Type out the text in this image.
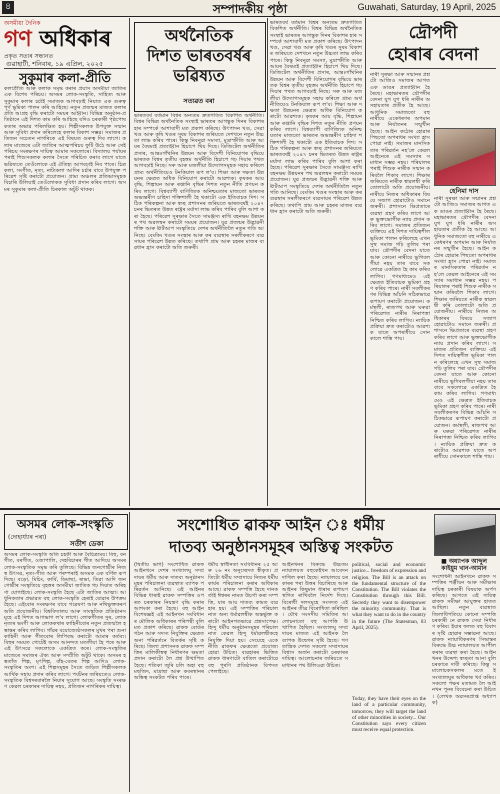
৪	সম্পাদকীয় পৃষ্ঠা	Guwahati, Saturday, 19 April, 2025
অসমীয়া দৈনিক
গণ অধিকাৰ
প্ৰকৃত সত্যৰ সন্ধানত
গুৱাহাটী, শনিবাৰ, ১৯ এপ্ৰিল, ২০২৫
সুকুমাৰ কলা-প্ৰীতি
কলাপ্ৰীতি আৰু কলাক সমৃদ্ধ কৰাৰ প্ৰয়াস অসমীয়া জাতিৰ এক বিশেষ পৰিচয়। অসমৰ লোক-সংস্কৃতি, সাহিত্য আৰু সুকুমাৰ কলাৰ চৰ্চাই সমাজক আগবঢ়াই নিয়াত এক গুৰুত্বপূৰ্ণ ভূমিকা পালন কৰি আহিছে। নতুন প্ৰজন্মৰ মাজত কলাৰ প্ৰতি আগ্ৰহ বৃদ্ধি কৰাটো সময়ৰ আহ্বান। বিভিন্ন অনুষ্ঠান-প্ৰতিষ্ঠানে এই দিশত কাম কৰি আহিছে যদিও চৰকাৰী পৃষ্ঠপোষকতাৰ অভাৱ পৰিলক্ষিত হয়। শিল্পীসকলক উপযুক্ত সন্মান আৰু সুবিধা প্ৰদান কৰিলেহে কলাৰ বিকাশ সম্ভৱ। সমাজৰ প্ৰতিজন সচেতন নাগৰিকে এই বিষয়ত গুৰুত্ব দিব লাগে। কলাৰ মাজেৰে এটা জাতিৰ আত্মপৰিচয় ফুটি উঠে আৰু সেই পৰিচয় সংৰক্ষণৰ দায়িত্ব আমাৰ সকলোৰে। বিদ্যালয় পৰ্যায়ৰ পৰাই শিশুসকলক কলাৰ সৈতে পৰিচিত কৰাব লাগে যাতে ভৱিষ্যতে তেওঁলোকে এই ঐতিহ্য আগবঢ়াই নিব পাৰে। চিত্ৰকলা, সংগীত, নৃত্য, নাট্যকলা আদিৰ চৰ্চাৰ বাবে উপযুক্ত পৰিৱেশ সৃষ্টি কৰাটো প্ৰয়োজন। গ্ৰাম্য অঞ্চলৰ প্ৰতিভাসমূহক বিচাৰি উলিয়াই তেওঁলোকক সুবিধা প্ৰদান কৰিব লাগে। অসমৰ সুকুমাৰ কলা-প্ৰীতি চিৰকাল অটুট থাকক।
অৰ্থনৈতিক
দিশত ভাৰতবৰ্ষৰ
ভৱিষ্যত
সত্যৱত বৰা
ভাৰতবৰ্ষ বৰ্তমান বিশ্বৰ অন্যতম দ্ৰুতগতিত বিকশিত অৰ্থনীতি। বিশ্বৰ বিভিন্ন অৰ্থনৈতিক সংস্থাই ভাৰতৰ আগন্তুক দিনৰ বিকাশৰ হাৰ সম্পৰ্কে আশাবাদী মত প্ৰকাশ কৰিছে। উৎপাদন খণ্ড, সেৱা খণ্ড আৰু কৃষি খণ্ডৰ সুষম বিকাশৰ জৰিয়তে দেশখনে নতুন উচ্চতা লাভ কৰিব পাৰে। কিন্তু নিবনুৱা সমস্যা, মুদ্ৰাস্ফীতি আৰু আয়ৰ বৈষম্যই প্ৰত্যাহ্বান হিচাপে থিয় দিছে। ডিজিটেল অৰ্থনীতিৰ প্ৰসাৰ, আন্তঃগাঁথনিৰ উন্নয়ন আৰু বিদেশী বিনিয়োগৰ বৃদ্ধিয়ে ভাৰতক বিশ্বৰ তৃতীয় বৃহত্তম অৰ্থনীতি হিচাপে গঢ় দিয়াৰ পথত আগবঢ়াই নিছে। সৰু আৰু মজলীয়া উদ্যোগসমূহক সহায় কৰিলে গ্ৰাম্য অৰ্থনীতিয়েও টনকিয়াল ৰূপ ল'ব। শিক্ষা আৰু দক্ষতা উন্নয়নৰ ক্ষেত্ৰত অধিক বিনিয়োগ কৰাটো আৱশ্যক। কৃষকৰ আয় বৃদ্ধি, শিল্পায়ন আৰু ৰপ্তানি বৃদ্ধিৰ দিশত নতুন নীতি প্ৰণয়ন কৰিব লাগে। বিশ্বব্যাপী বাণিজ্যিক অনিশ্চয়তাৰ মাজতো ভাৰতৰ অভ্যন্তৰীণ চাহিদা শক্তিশালী হৈ থকাটো এক ইতিবাচক দিশ। সঠিক পৰিকল্পনা আৰু স্বচ্ছ প্ৰশাসনৰ জৰিয়তে ভাৰতবৰ্ষই ২০৪৭ চনৰ ভিতৰত উন্নত ৰাষ্ট্ৰৰ মৰ্যাদা লাভ কৰিব পাৰিব বুলি আশা কৰা হৈছে। পৰিৱেশ সুৰক্ষাৰ সৈতে সামঞ্জস্য ৰাখি বহনক্ষম উন্নয়নৰ পথ অৱলম্বন কৰাটো সময়ৰ প্ৰয়োজন। যুৱ প্ৰজন্মৰ উদ্ভাৱনী শক্তি আৰু ষ্টাৰ্টআপ সংস্কৃতিয়ে দেশৰ অৰ্থনীতিলৈ নতুন গতি আনিছে। বেংকিং খণ্ডৰ সংস্কাৰ আৰু কৰ ব্যৱস্থাৰ সৰলীকৰণে ব্যৱসায়ৰ পৰিৱেশ উন্নত কৰিছে। তথাপি গ্ৰাম আৰু চহৰৰ মাজৰ ব্যৱধান হ্ৰাস কৰাটো অতি জৰুৰী।
ভাৰতবৰ্ষ বৰ্তমান বিশ্বৰ অন্যতম দ্ৰুতগতিত বিকশিত অৰ্থনীতি। বিশ্বৰ বিভিন্ন অৰ্থনৈতিক সংস্থাই ভাৰতৰ আগন্তুক দিনৰ বিকাশৰ হাৰ সম্পৰ্কে আশাবাদী মত প্ৰকাশ কৰিছে। উৎপাদন খণ্ড, সেৱা খণ্ড আৰু কৃষি খণ্ডৰ সুষম বিকাশৰ জৰিয়তে দেশখনে নতুন উচ্চতা লাভ কৰিব পাৰে। কিন্তু নিবনুৱা সমস্যা, মুদ্ৰাস্ফীতি আৰু আয়ৰ বৈষম্যই প্ৰত্যাহ্বান হিচাপে থিয় দিছে। ডিজিটেল অৰ্থনীতিৰ প্ৰসাৰ, আন্তঃগাঁথনিৰ উন্নয়ন আৰু বিদেশী বিনিয়োগৰ বৃদ্ধিয়ে ভাৰতক বিশ্বৰ তৃতীয় বৃহত্তম অৰ্থনীতি হিচাপে গঢ় দিয়াৰ পথত আগবঢ়াই নিছে। সৰু আৰু মজলীয়া উদ্যোগসমূহক সহায় কৰিলে গ্ৰাম্য অৰ্থনীতিয়েও টনকিয়াল ৰূপ ল'ব। শিক্ষা আৰু দক্ষতা উন্নয়নৰ ক্ষেত্ৰত অধিক বিনিয়োগ কৰাটো আৱশ্যক। কৃষকৰ আয় বৃদ্ধি, শিল্পায়ন আৰু ৰপ্তানি বৃদ্ধিৰ দিশত নতুন নীতি প্ৰণয়ন কৰিব লাগে। বিশ্বব্যাপী বাণিজ্যিক অনিশ্চয়তাৰ মাজতো ভাৰতৰ অভ্যন্তৰীণ চাহিদা শক্তিশালী হৈ থকাটো এক ইতিবাচক দিশ। সঠিক পৰিকল্পনা আৰু স্বচ্ছ প্ৰশাসনৰ জৰিয়তে ভাৰতবৰ্ষই ২০৪৭ চনৰ ভিতৰত উন্নত ৰাষ্ট্ৰৰ মৰ্যাদা লাভ কৰিব পাৰিব বুলি আশা কৰা হৈছে। পৰিৱেশ সুৰক্ষাৰ সৈতে সামঞ্জস্য ৰাখি বহনক্ষম উন্নয়নৰ পথ অৱলম্বন কৰাটো সময়ৰ প্ৰয়োজন। যুৱ প্ৰজন্মৰ উদ্ভাৱনী শক্তি আৰু ষ্টাৰ্টআপ সংস্কৃতিয়ে দেশৰ অৰ্থনীতিলৈ নতুন গতি আনিছে। বেংকিং খণ্ডৰ সংস্কাৰ আৰু কৰ ব্যৱস্থাৰ সৰলীকৰণে ব্যৱসায়ৰ পৰিৱেশ উন্নত কৰিছে। তথাপি গ্ৰাম আৰু চহৰৰ মাজৰ ব্যৱধান হ্ৰাস কৰাটো অতি জৰুৰী।
দ্ৰৌপদী
হোৰাৰ বেদনা
নাৰী সুৰক্ষা আৰু সন্মানৰ প্ৰশ্নটো আজিও সমাজৰ আগত এক ডাঙৰ প্ৰত্যাহ্বান হৈ ৰৈছে। মহাভাৰতৰ দ্ৰৌপদীৰ বেদনা যুগ যুগ ধৰি নাৰীৰ অসহায়তাৰ প্ৰতীক হৈ আছে। আধুনিক সমাজতো বহু নাৰীয়ে একেধৰণৰ অপমান আৰু নিৰ্যাতনৰ সন্মুখীন হৈছে। আইন কঠোৰ হোৱাৰ পিছতো অপৰাধৰ সংখ্যা হ্ৰাস পোৱা নাই। সমাজৰ মানসিকতাৰ পৰিৱৰ্তন নহ'লে কেৱল আইনেৰে এই সমস্যাৰ সমাধান সম্ভৱ নহয়। পৰিয়ালৰ পৰাই শিশুক নাৰীক সন্মান কৰিবলৈ শিকাব লাগে। শিক্ষাৰ জৰিয়তে নাৰীক স্বাৱলম্বী কৰি তোলাটো অতি প্ৰয়োজনীয়। নাৰীয়ে নিজৰ অধিকাৰৰ বিষয়ে সজাগ হোৱাটোও সমানে জৰুৰী। প্ৰশাসনে ক্ষিপ্ৰতাৰে ব্যৱস্থা গ্ৰহণ কৰিব লাগে আৰু ভুক্তভোগীক ন্যায় প্ৰদান কৰিব লাগে। সমাজৰ প্ৰতিজন ব্যক্তিয়ে এই দিশত দায়িত্বশীল ভূমিকা পালন কৰিলেহে এখন সুস্থ সমাজ গঢ়ি তুলিব পৰা যাব। দ্ৰৌপদীৰ বেদনা যাতে আৰু কোনো নাৰীয়ে ভুগিবলগীয়া নহয় তাৰ বাবে সকলোৱে একত্ৰিত হৈ কাম কৰিব লাগিব। গণমাধ্যমেও এই ক্ষেত্ৰত ইতিবাচক ভূমিকা গ্ৰহণ কৰিব পাৰে। নাৰী সবলীকৰণৰ বিভিন্ন আঁচনি সঠিকভাৱে ৰূপায়ণ কৰাটো প্ৰয়োজন। কৰ্মস্থলী, ৰাজপথ আৰু ঘৰুৱা পৰিৱেশত নাৰীৰ নিৰাপত্তা নিশ্চিত কৰিব লাগিব। ন্যায়িক প্ৰক্ৰিয়া দ্ৰুত কৰাটোও আৱশ্যক যাতে অপৰাধীয়ে সোনকালে শাস্তি পায়।
হেনিমা দাস
নাৰী সুৰক্ষা আৰু সন্মানৰ প্ৰশ্নটো আজিও সমাজৰ আগত এক ডাঙৰ প্ৰত্যাহ্বান হৈ ৰৈছে। মহাভাৰতৰ দ্ৰৌপদীৰ বেদনা যুগ যুগ ধৰি নাৰীৰ অসহায়তাৰ প্ৰতীক হৈ আছে। আধুনিক সমাজতো বহু নাৰীয়ে একেধৰণৰ অপমান আৰু নিৰ্যাতনৰ সন্মুখীন হৈছে। আইন কঠোৰ হোৱাৰ পিছতো অপৰাধৰ সংখ্যা হ্ৰাস পোৱা নাই। সমাজৰ মানসিকতাৰ পৰিৱৰ্তন নহ'লে কেৱল আইনেৰে এই সমস্যাৰ সমাধান সম্ভৱ নহয়। পৰিয়ালৰ পৰাই শিশুক নাৰীক সন্মান কৰিবলৈ শিকাব লাগে। শিক্ষাৰ জৰিয়তে নাৰীক স্বাৱলম্বী কৰি তোলাটো অতি প্ৰয়োজনীয়। নাৰীয়ে নিজৰ অধিকাৰৰ বিষয়ে সজাগ হোৱাটোও সমানে জৰুৰী। প্ৰশাসনে ক্ষিপ্ৰতাৰে ব্যৱস্থা গ্ৰহণ কৰিব লাগে আৰু ভুক্তভোগীক ন্যায় প্ৰদান কৰিব লাগে। সমাজৰ প্ৰতিজন ব্যক্তিয়ে এই দিশত দায়িত্বশীল ভূমিকা পালন কৰিলেহে এখন সুস্থ সমাজ গঢ়ি তুলিব পৰা যাব। দ্ৰৌপদীৰ বেদনা যাতে আৰু কোনো নাৰীয়ে ভুগিবলগীয়া নহয় তাৰ বাবে সকলোৱে একত্ৰিত হৈ কাম কৰিব লাগিব। গণমাধ্যমেও এই ক্ষেত্ৰত ইতিবাচক ভূমিকা গ্ৰহণ কৰিব পাৰে। নাৰী সবলীকৰণৰ বিভিন্ন আঁচনি সঠিকভাৱে ৰূপায়ণ কৰাটো প্ৰয়োজন। কৰ্মস্থলী, ৰাজপথ আৰু ঘৰুৱা পৰিৱেশত নাৰীৰ নিৰাপত্তা নিশ্চিত কৰিব লাগিব। ন্যায়িক প্ৰক্ৰিয়া দ্ৰুত কৰাটোও আৱশ্যক যাতে অপৰাধীয়ে সোনকালে শাস্তি পায়।
অসমৰ লোক-সংস্কৃতি
(দোহাৰ্য্যাৰ পৰা)
সতীশ ডেকা
অসমৰ লোক-সংস্কৃতি অতি চহকী আৰু বৈচিত্ৰ্যময়। বিহু, বনগীত, বৰগীত, ওজাপালি, দেহবিচাৰৰ গীত আদিয়ে অসমৰ লোক-সংস্কৃতিক সমৃদ্ধ কৰি তুলিছে। বিভিন্ন জনগোষ্ঠীৰ নিজস্ব উৎসৱ, নৃত্য-গীত আৰু পৰম্পৰাই অসমক এক বৰ্ণিল ৰূপ দিছে। বড়ো, মিচিং, কাৰ্বি, ডিমাছা, ৰাভা, তিৱা আদি জনগোষ্ঠীৰ সংস্কৃতিয়ে বৃহত্তৰ অসমীয়া জাতিক গঢ় দিয়াত অৰিহণা যোগাইছে। লোক-সংস্কৃতি হৈছে এটা জাতিৰ আত্মা। আধুনিকতাৰ প্ৰভাৱত বহু লোক-সংস্কৃতি হেৰাই যোৱাৰ উপক্ৰম হৈছে। এইবোৰ সংৰক্ষণৰ বাবে গৱেষণা আৰু নথিভুক্তকৰণ অতি প্ৰয়োজনীয়। বিশ্ববিদ্যালয় আৰু সাংস্কৃতিক প্ৰতিষ্ঠানসমূহে এই দিশত আগভাগ ল'ব লাগে। লোকগীতৰ সুৰ, লোকনৃত্যৰ ভংগী আৰু লোককথাৰ কাহিনীবোৰ নতুন প্ৰজন্মলৈ হস্তান্তৰ কৰিব লাগিব। গাঁৱৰ বয়োজ্যেষ্ঠসকলৰ মুখৰ পৰা শুনা কাহিনী আৰু গীতবোৰ লিপিবদ্ধ কৰাটো আমাৰ কৰ্তব্য। বিহুৰ সময়ত গোটেই অসম আনন্দত মতলীয়া হৈ পৰে আৰু এই উৎসৱে সকলোকে একত্ৰিত কৰে। লোক-সংস্কৃতিৰ মাজেৰে সমাজৰ ঐক্য আৰু সম্প্ৰীতি অটুট থাকে। অসমৰ হস্ততাঁত শিল্প, মৃৎশিল্প, বাঁহ-বেতৰ শিল্প আদিও লোক-সংস্কৃতিৰ অংশ। এই শিল্পসমূহৰ সৈতে জড়িত শিল্পীসকলক আৰ্থিক সহায় প্ৰদান কৰিব লাগে। পৰ্যটনৰ জৰিয়তেও লোক-সংস্কৃতিক বিশ্বদৰবাৰলৈ নিয়াৰ সুযোগ আছে। সংস্কৃতি সংৰক্ষণ কেৱল চৰকাৰৰ দায়িত্ব নহয়, প্ৰতিজন নাগৰিকৰ দায়িত্ব।
সংশোধিত ৱাকফ আইন ঃ ধৰ্মীয়
দাতব্য অনুষ্ঠানসমূহৰ অস্তিত্ব সংকটত
■ অধ্যাপক আব্দুল
কাইয়ুম খান-আমান
(দ্বিতীয় ভাগ) সংশোধিত ৱাকফ আইনখনে দেশৰ সংখ্যালঘু সম্প্ৰদায়ৰ ধৰ্মীয় আৰু দাতব্য অনুষ্ঠানসমূহৰ পৰিচালনা ব্যৱস্থাত ব্যাপক পৰিৱৰ্তন আনিছে। এই আইনৰ বিভিন্ন ধাৰাই ৱাকফ সম্পত্তিৰ ওপৰত চৰকাৰৰ নিয়ন্ত্ৰণ বৃদ্ধি কৰাৰ আশংকা কৰা হৈছে। বহু আইন বিশেষজ্ঞই এই আইনখন সংবিধানৰ মৌলিক অধিকাৰৰ পৰিপন্থী বুলি মত প্ৰকাশ কৰিছে। ৱাকফ বোৰ্ডৰ গঠন আৰু সদস্য নিযুক্তিৰ ক্ষেত্ৰত অনা পৰিৱৰ্তনে বিতৰ্কৰ সৃষ্টি কৰিছে। জিলা প্ৰশাসনক ৱাকফ সম্পত্তিৰ মালিকীস্বত্ব নিৰ্ধাৰণৰ ক্ষমতা প্ৰদান কৰাটো লৈ প্ৰশ্ন উত্থাপিত হৈছে। শতিকা জুৰি চলি অহা বহু মছজিদ, মাদ্ৰাছা আৰু কবৰস্থানৰ অস্তিত্ব সংকটত পৰিব পাৰে।
ধৰ্মীয় স্বাধীনতা সংবিধানৰ ২৫ আৰু ২৬ নং অনুচ্ছেদত স্বীকৃত। প্ৰতিটো ধৰ্মীয় সম্প্ৰদায়ে নিজৰ ধৰ্মীয় কাৰ্যৰ পৰিচালনা কৰাৰ অধিকাৰ আছে। ৱাকফ সম্পত্তি হৈছে দানকৰ্তাই ঈশ্বৰৰ নামত উচৰ্গা কৰা সম্পত্তি, যাৰ আয় দাতব্য কামত ব্যৱহাৰ হয়। এই সম্পত্তিৰ পৰিচালনাত অন্য ধৰ্মাৱলম্বীক অন্তৰ্ভুক্ত কৰাটো আইনগতভাৱে প্ৰশ্নসাপেক্ষ। হিন্দু ধৰ্মীয় অনুষ্ঠানসমূহৰ পৰিচালনাত কেৱল হিন্দু ধৰ্মাৱলম্বীকহে নিযুক্তি দিয়া হয়। সেয়েহে একে নীতি ৱাকফৰ ক্ষেত্ৰতো প্ৰযোজ্য হোৱা উচিত। ব্যৱহাৰৰ ভিত্তিত ৱাকফ ধাৰণাটো বাতিল কৰাটোৱে বহু পুৰণি প্ৰতিষ্ঠানক বিপদত পেলাইছে।
আইনখনৰ বিৰুদ্ধে উচ্চতম ন্যায়ালয়ত বহুকেইখন আবেদন দাখিল কৰা হৈছে। ন্যায়ালয়ে চৰকাৰৰ পৰা উত্তৰ বিচাৰিছে আৰু আইনৰ কিছুমান ধাৰাৰ ৰূপায়ণ স্থগিত ৰাখিবলৈ নিৰ্দেশ দিছে। বিৰোধী দলসমূহে সংসদত এই আইনৰ তীব্ৰ বিৰোধিতা কৰিছিল। যৌথ সংসদীয় সমিতিৰ আলোচনাতো বহু আপত্তি উত্থাপিত হৈছিল। সংখ্যালঘু সম্প্ৰদায়ৰ মাজত এই আইনক লৈ ব্যাপক উদ্বেগৰ সৃষ্টি হৈছে। গণতান্ত্ৰিক দেশত সকলো সম্প্ৰদায়ৰ বিশ্বাস অৰ্জন কৰাটো চৰকাৰৰ দায়িত্ব। আলোচনাৰ জৰিয়তে সমাধানৰ পথ উলিওৱা উচিত।
political, social and economic justice... freedom of expression and religion. The Bill is an attack on the fundamental structure of the Constitution. The Bill violates the Constitution through this Bill. Secretly they want to disempower the minority community. That is what they want to do in the country in the future (The Statesman, 03 April, 2025).
Today, they have their eyes on the land of a particular community, tomorrow, they will target the land of other minorities in society... Our Constitution says every citizen must receive equal protection.
সংশোধনী আইনখনে ৱাকফ সম্পত্তিৰ পঞ্জীয়ন আৰু সমীক্ষাৰ দায়িত্ব চৰকাৰী বিষয়াক অৰ্পণ কৰিছে। আগতে এই দায়িত্ব ৱাকফ সমীক্ষা আয়ুক্তৰ হাতত আছিল। নতুন ব্যৱস্থাত জিলাধিপতিয়ে কোনো সম্পত্তি চৰকাৰী নে ৱাকফ সেয়া নিৰ্ধাৰণ কৰিব। ইয়াৰ ফলত বহু বিবাদৰ সৃষ্টি হোৱাৰ সম্ভাৱনা আছে। ৱাকফ ন্যায়াধিকৰণৰ সিদ্ধান্তৰ বিৰুদ্ধে উচ্চ ন্যায়ালয়ত আপীল কৰাৰ ব্যৱস্থা কৰা হৈছে। আইনখনৰ উদ্দেশ্য স্বচ্ছতা আনা বুলি চৰকাৰে দাবী কৰিছে। কিন্তু সমালোচকসকলৰ মতে ই সংখ্যালঘুৰ অধিকাৰ খৰ্ব কৰিব। সকলো পক্ষৰ মতামত লৈ আইনখন পুনৰ বিবেচনা কৰা উচিত। (লেখক অৱসৰপ্ৰাপ্ত অধ্যাপক)
